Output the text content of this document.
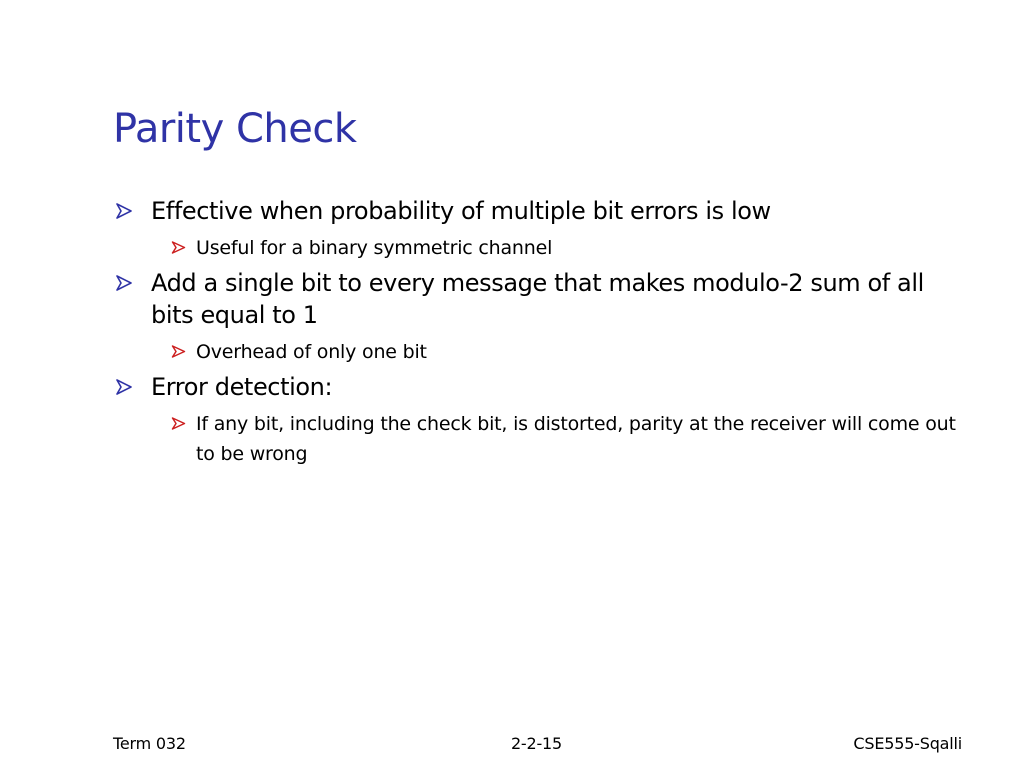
Parity Check
Effective when probability of multiple bit errors is low
Useful for a binary symmetric channel
Add a single bit to every message that makes modulo-2 sum of all bits equal to 1
Overhead of only one bit
Error detection:
If any bit, including the check bit, is distorted, parity at the receiver will come out to be wrong
Term 032	2-2-15	CSE555-Sqalli
